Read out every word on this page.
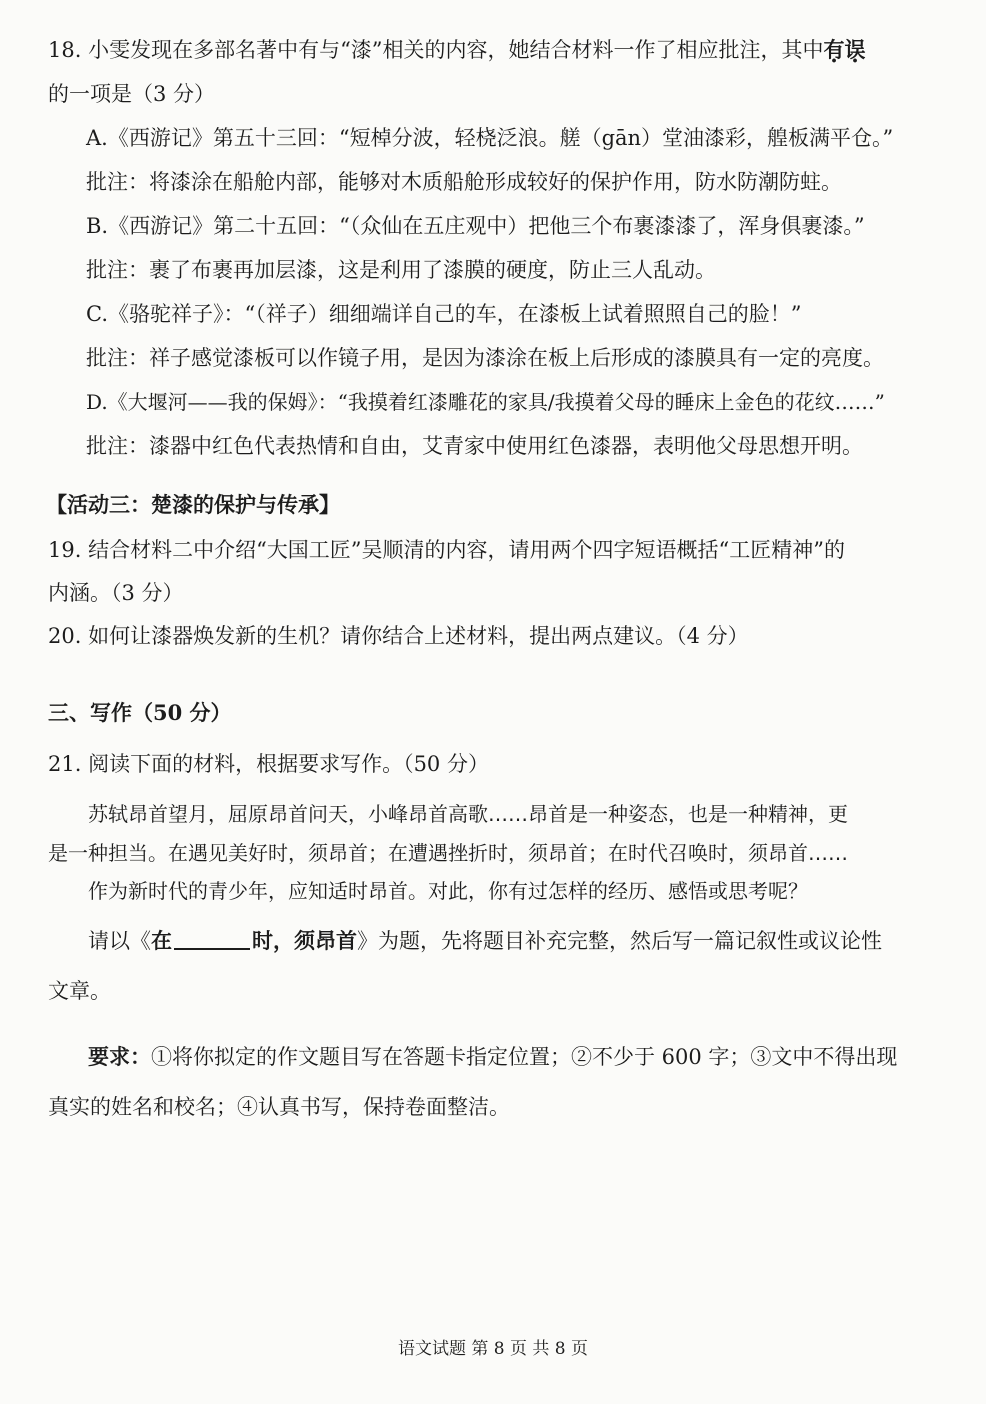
18. 小雯发现在多部名著中有与“漆”相关的内容，她结合材料一作了相应批注，其中有误
的一项是（3 分）
A.《西游记》第五十三回：“短棹分波，轻桡泛浪。艖（gān）堂油漆彩，艎板满平仓。”
批注：将漆涂在船舱内部，能够对木质船舱形成较好的保护作用，防水防潮防蛀。
B.《西游记》第二十五回：“（众仙在五庄观中）把他三个布裹漆漆了，浑身俱裹漆。”
批注：裹了布裹再加层漆，这是利用了漆膜的硬度，防止三人乱动。
C.《骆驼祥子》：“（祥子）细细端详自己的车，在漆板上试着照照自己的脸！”
批注：祥子感觉漆板可以作镜子用，是因为漆涂在板上后形成的漆膜具有一定的亮度。
D.《大堰河——我的保姆》：“我摸着红漆雕花的家具/我摸着父母的睡床上金色的花纹……”
批注：漆器中红色代表热情和自由，艾青家中使用红色漆器，表明他父母思想开明。
【活动三：楚漆的保护与传承】
19. 结合材料二中介绍“大国工匠”吴顺清的内容，请用两个四字短语概括“工匠精神”的
内涵。（3 分）
20. 如何让漆器焕发新的生机？请你结合上述材料，提出两点建议。（4 分）
三、写作（50 分）
21. 阅读下面的材料，根据要求写作。（50 分）
苏轼昂首望月，屈原昂首问天，小峰昂首高歌……昂首是一种姿态，也是一种精神，更
是一种担当。在遇见美好时，须昂首；在遭遇挫折时，须昂首；在时代召唤时，须昂首……
作为新时代的青少年，应知适时昂首。对此，你有过怎样的经历、感悟或思考呢？
请以《在	时，须昂首》为题，先将题目补充完整，然后写一篇记叙性或议论性
文章。
要求：①将你拟定的作文题目写在答题卡指定位置；②不少于 600 字；③文中不得出现
真实的姓名和校名；④认真书写，保持卷面整洁。
语文试题 第 8 页 共 8 页
